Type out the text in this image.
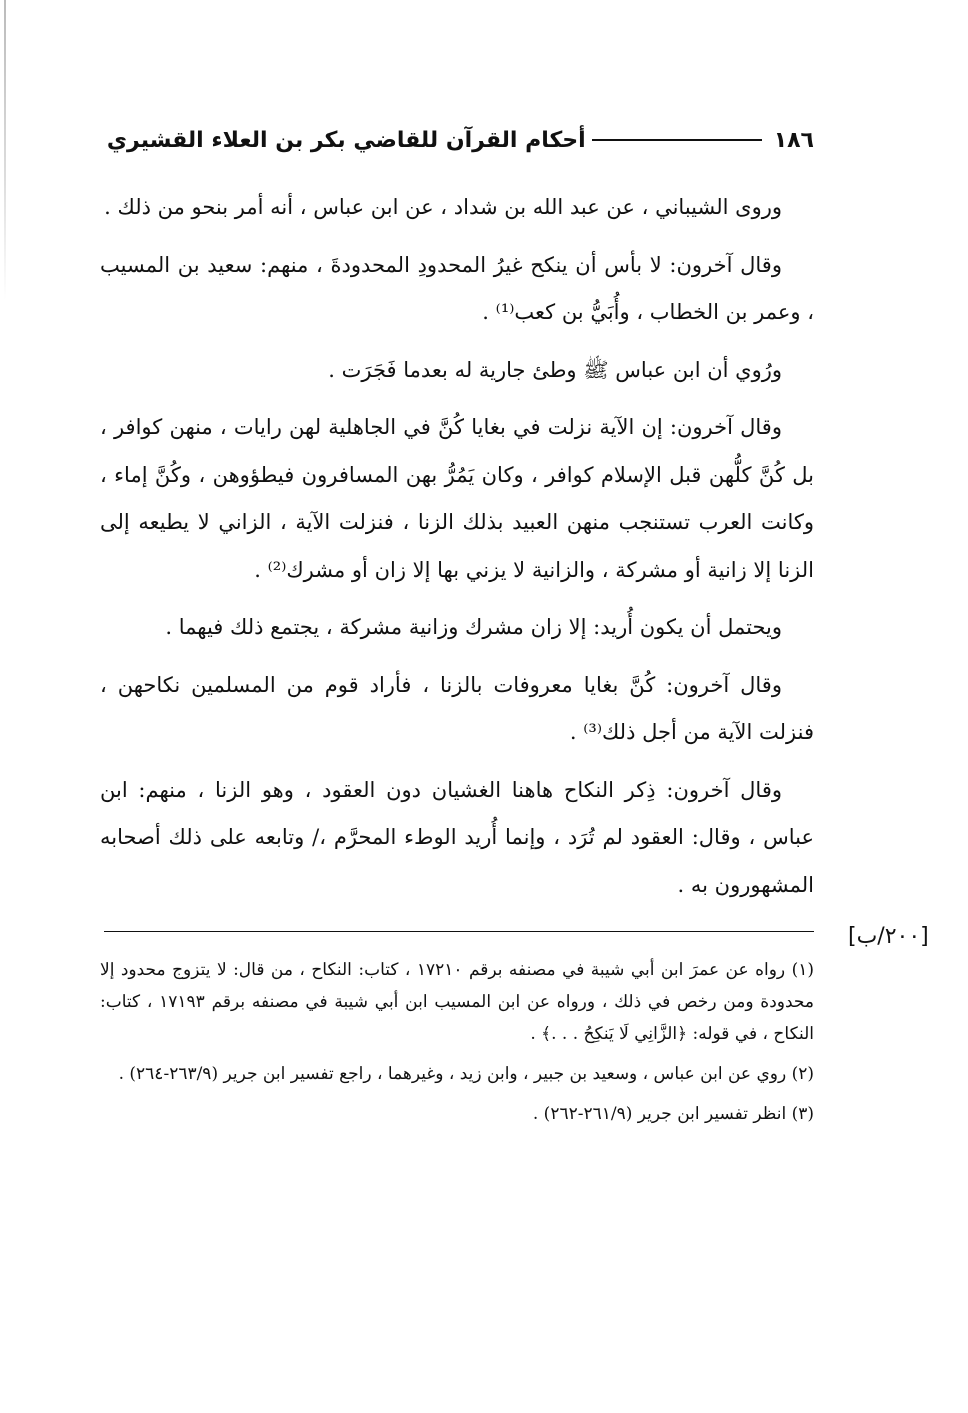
١٨٦
أحكام القرآن للقاضي بكر بن العلاء القشيري

وروى الشيباني ، عن عبد الله بن شداد ، عن ابن عباس ، أنه أمر بنحو من ذلك .

وقال آخرون: لا بأس أن ينكح غيرُ المحدودِ المحدودةَ ، منهم: سعيد بن المسيب ، وعمر بن الخطاب ، وأُبَيُّ بن كعب⁽¹⁾ .

ورُوي أن ابن عباس ﷺ وطئ جارية له بعدما فَجَرَت .

وقال آخرون: إن الآية نزلت في بغايا كُنَّ في الجاهلية لهن رايات ، منهن كوافر ، بل كُنَّ كلُّهن قبل الإسلام كوافر ، وكان يَمُرُّ بهن المسافرون فيطؤوهن ، وكُنَّ إماء ، وكانت العرب تستنجب منهن العبيد بذلك الزنا ، فنزلت الآية ، الزاني لا يطيعه إلى الزنا إلا زانية أو مشركة ، والزانية لا يزني بها إلا زان أو مشرك⁽²⁾ .

ويحتمل أن يكون أُريد: إلا زان مشرك وزانية مشركة ، يجتمع ذلك فيهما .

وقال آخرون: كُنَّ بغايا معروفات بالزنا ، فأراد قوم من المسلمين نكاحهن ، فنزلت الآية من أجل ذلك⁽³⁾ .

وقال آخرون: ذِكر النكاح هاهنا الغشيان دون العقود ، وهو الزنا ، منهم: ابن عباس ، وقال: العقود لم تُرَد ، وإنما أُريد الوطء المحرَّم ،/ وتابعه على ذلك أصحابه المشهورون به .

(١) رواه عن عمرَ ابن أبي شيبة في مصنفه برقم ١٧٢١٠ ، كتاب: النكاح ، من قال: لا يتزوج محدود إلا محدودة ومن رخص في ذلك ، ورواه عن ابن المسيب ابن أبي شيبة في مصنفه برقم ١٧١٩٣ ، كتاب: النكاح ، في قوله: ﴿الزَّانِي لَا يَنكِحُ . . .﴾ .

(٢) روي عن ابن عباس ، وسعيد بن جبير ، وابن زيد ، وغيرهما ، راجع تفسير ابن جرير (٢٦٣/٩-٢٦٤) .

(٣) انظر تفسير ابن جرير (٢٦١/٩-٢٦٢) .

[٢٠٠/ب]
